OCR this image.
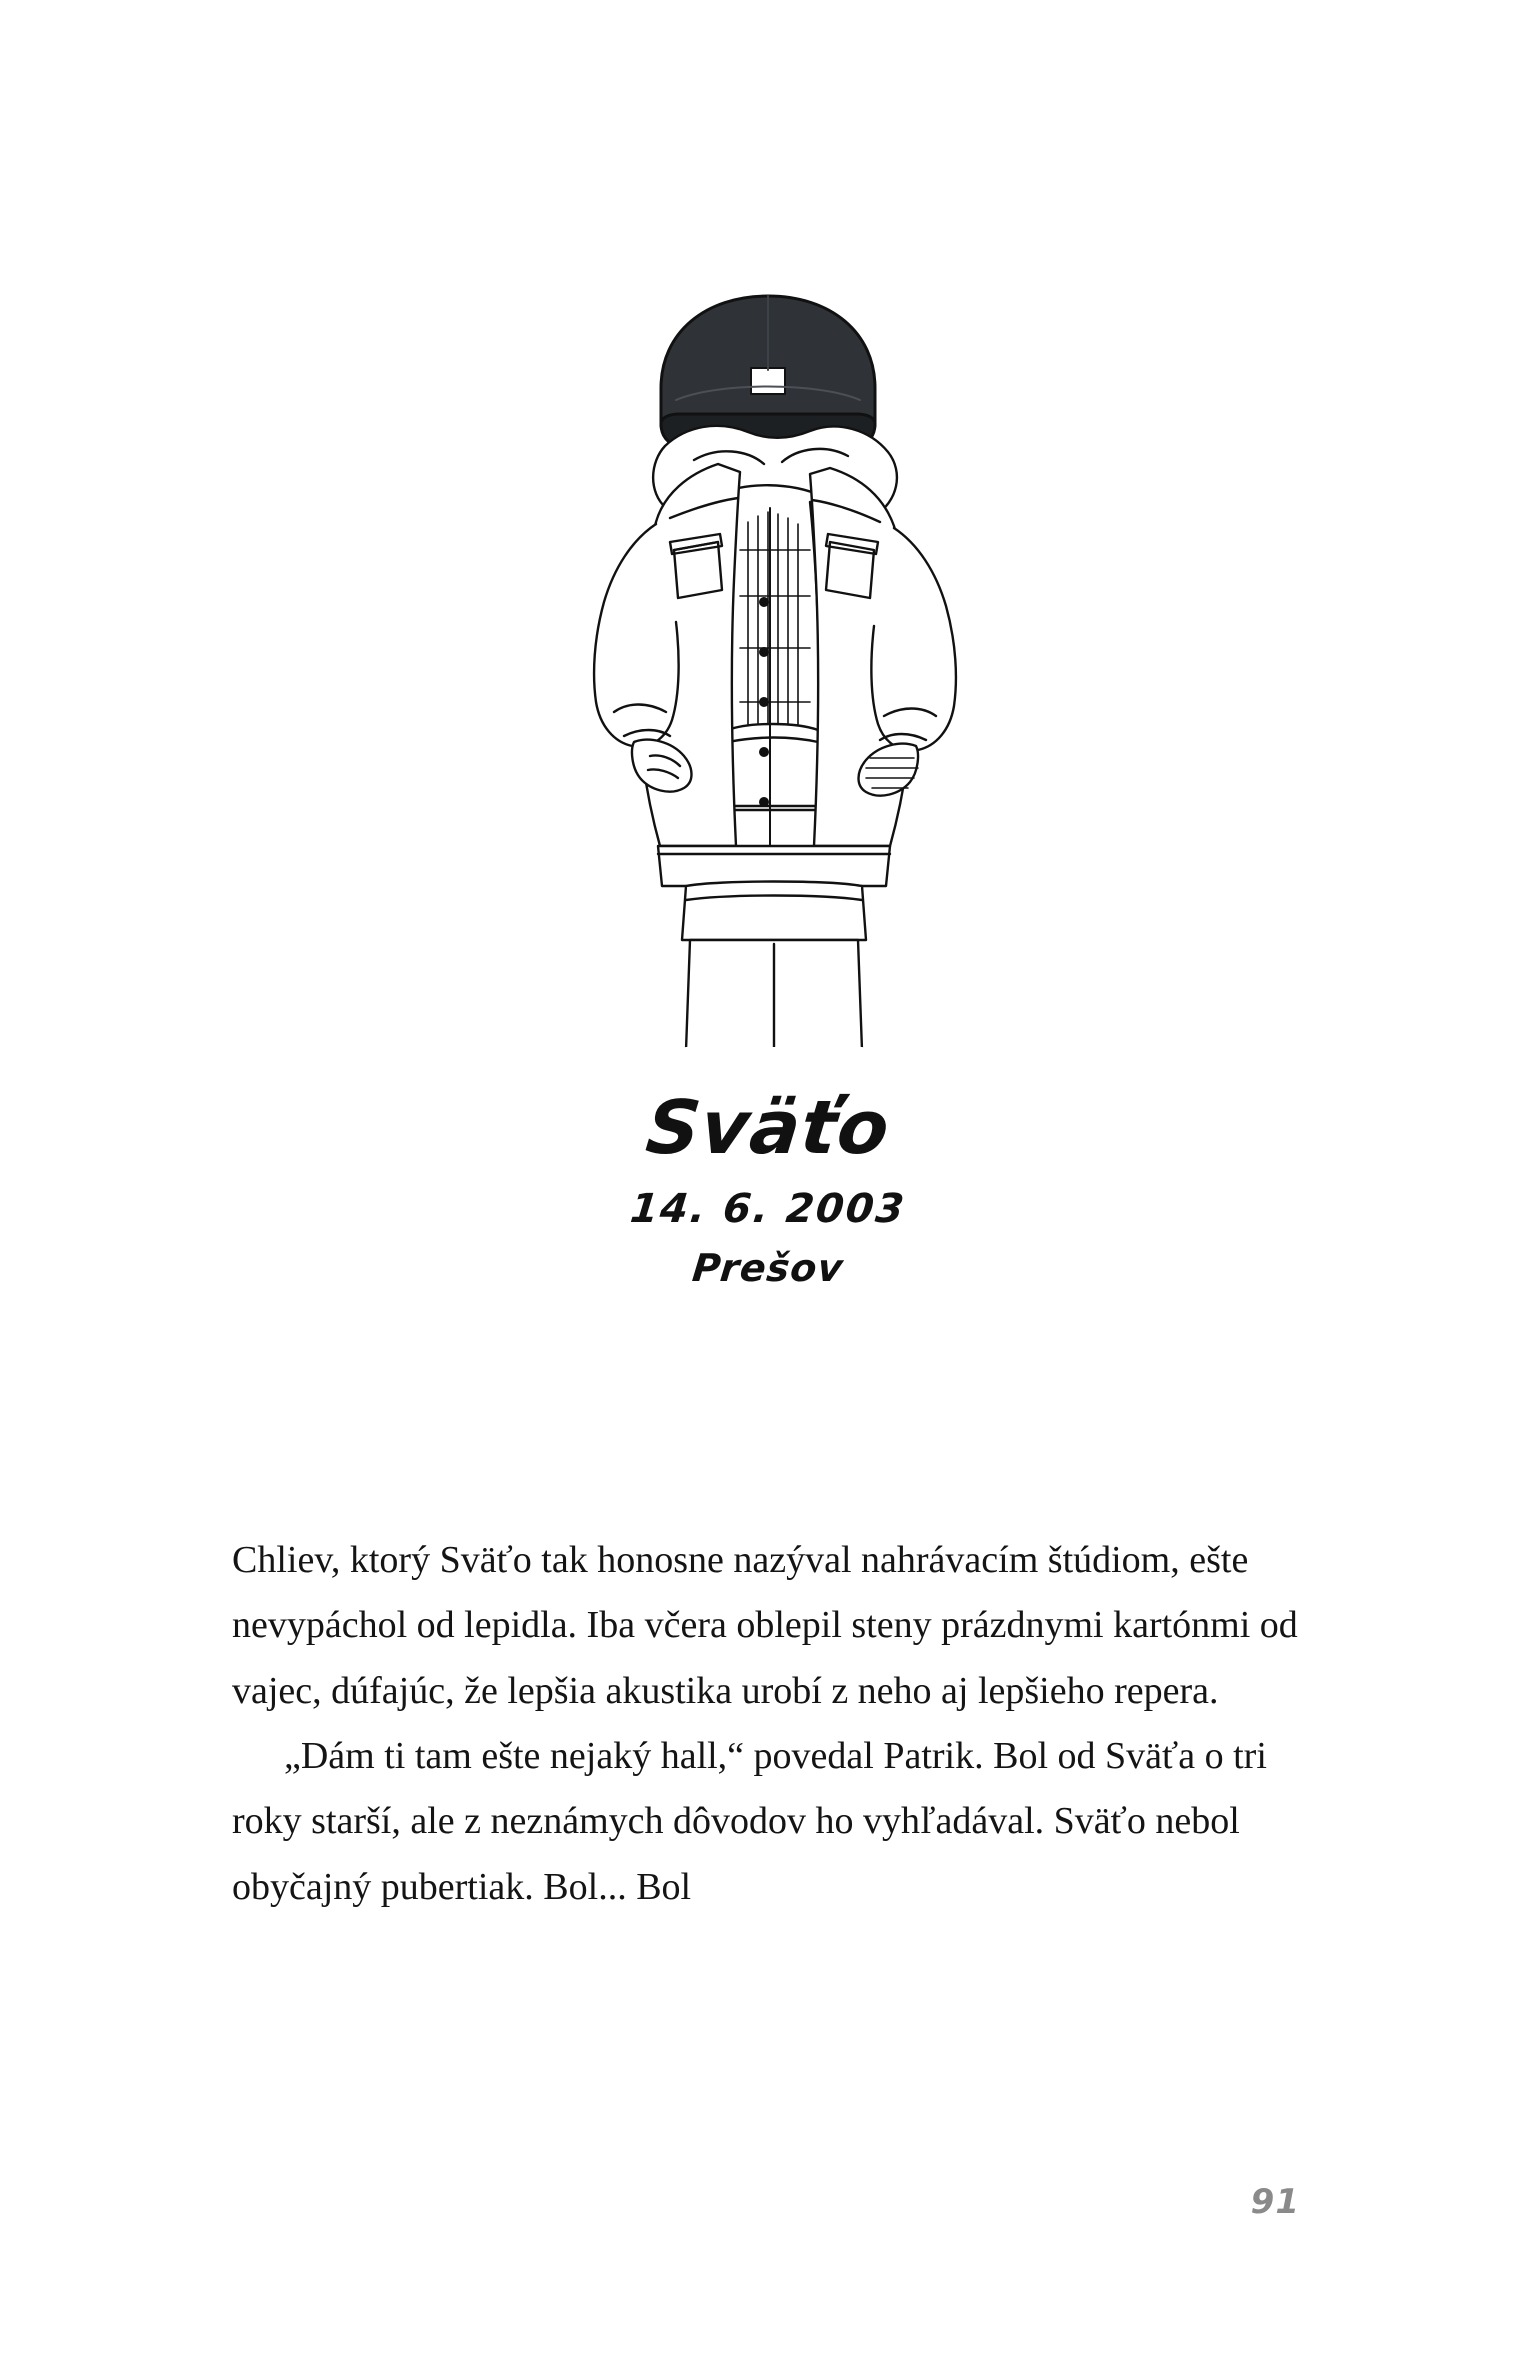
Sväťo
14. 6. 2003
Prešov

Chliev, ktorý Sväťo tak honosne nazýval nahrávacím štúdiom, ešte nevypáchol od lepidla. Iba včera oblepil steny prázdnymi kartónmi od vajec, dúfajúc, že lepšia akustika urobí z neho aj lepšieho repera.

„Dám ti tam ešte nejaký hall,“ povedal Patrik. Bol od Sväťa o tri roky starší, ale z neznámych dôvodov ho vyhľadával. Sväťo nebol obyčajný pubertiak. Bol... Bol

91
